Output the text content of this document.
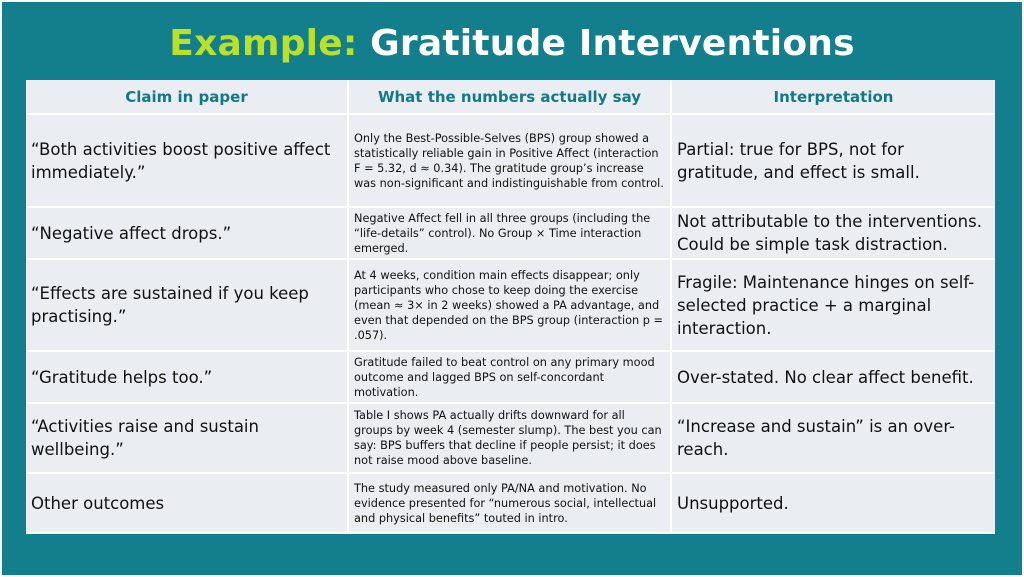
Example: Gratitude Interventions
Claim in paper	What the numbers actually say	Interpretation
“Both activities boost positive affect immediately.”	Only the Best-Possible-Selves (BPS) group showed a statistically reliable gain in Positive Affect (interaction F = 5.32, d ≈ 0.34). The gratitude group’s increase was non-significant and indistinguishable from control.	Partial: true for BPS, not for gratitude, and effect is small.
“Negative affect drops.”	Negative Affect fell in all three groups (including the “life-details” control). No Group × Time interaction emerged.	Not attributable to the interventions. Could be simple task distraction.
“Effects are sustained if you keep practising.”	At 4 weeks, condition main effects disappear; only participants who chose to keep doing the exercise (mean ≈ 3× in 2 weeks) showed a PA advantage, and even that depended on the BPS group (interaction p = .057).	Fragile: Maintenance hinges on self-selected practice + a marginal interaction.
“Gratitude helps too.”	Gratitude failed to beat control on any primary mood outcome and lagged BPS on self-concordant motivation.	Over-stated. No clear affect benefit.
“Activities raise and sustain wellbeing.”	Table I shows PA actually drifts downward for all groups by week 4 (semester slump). The best you can say: BPS buffers that decline if people persist; it does not raise mood above baseline.	“Increase and sustain” is an over-reach.
Other outcomes	The study measured only PA/NA and motivation. No evidence presented for “numerous social, intellectual and physical benefits” touted in intro.	Unsupported.
